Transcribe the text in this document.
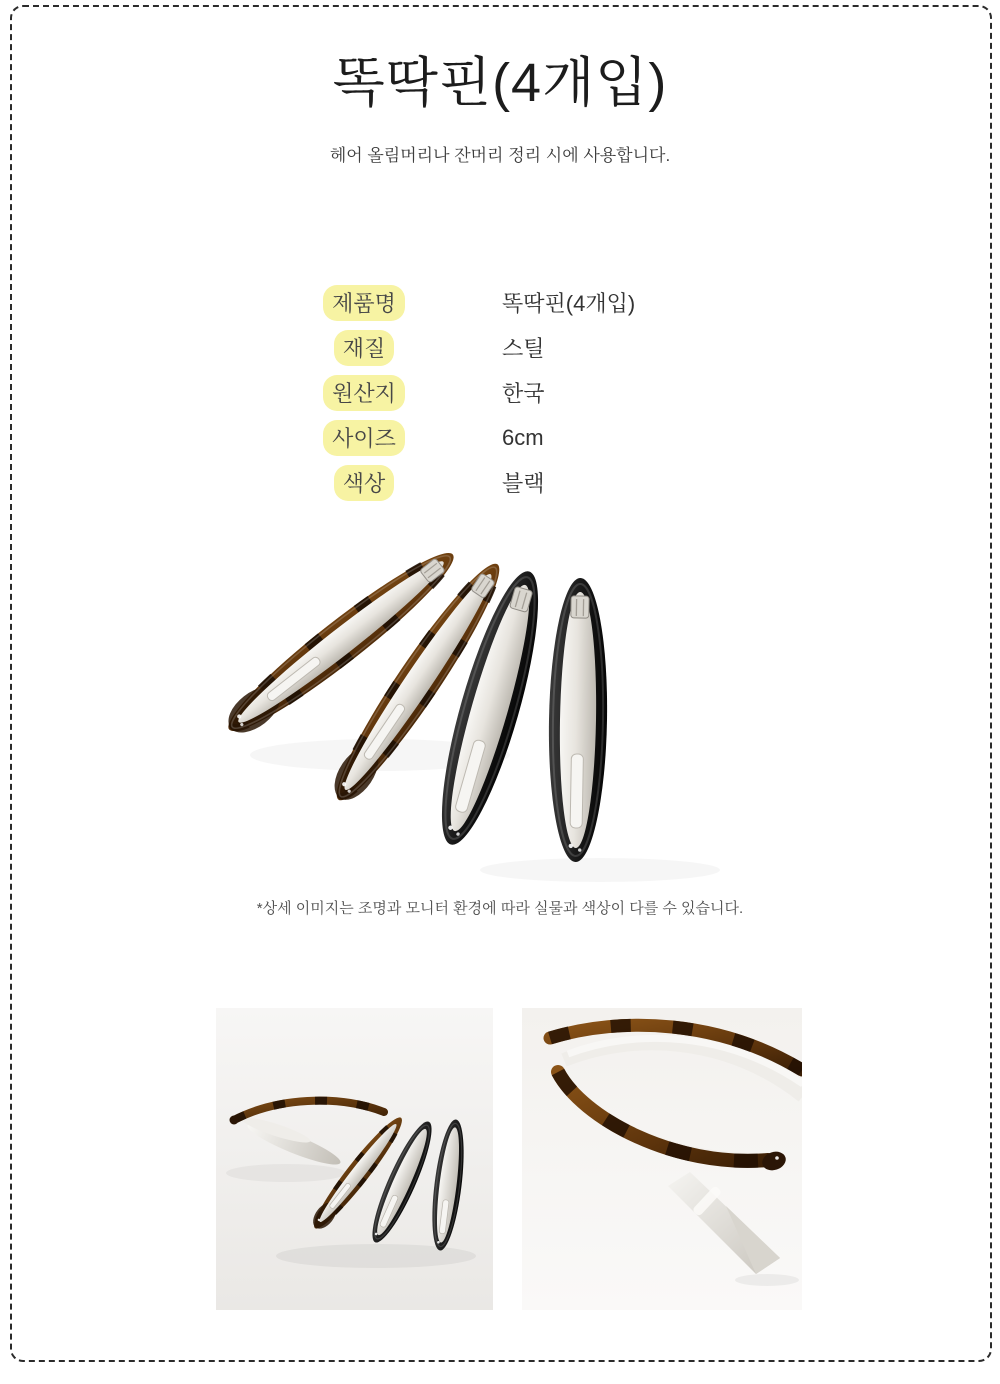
똑딱핀(4개입)
헤어 올림머리나 잔머리 정리 시에 사용합니다.
제품명	똑딱핀(4개입)
재질	스틸
원산지	한국
사이즈	6cm
색상	블랙
*상세 이미지는 조명과 모니터 환경에 따라 실물과 색상이 다를 수 있습니다.
